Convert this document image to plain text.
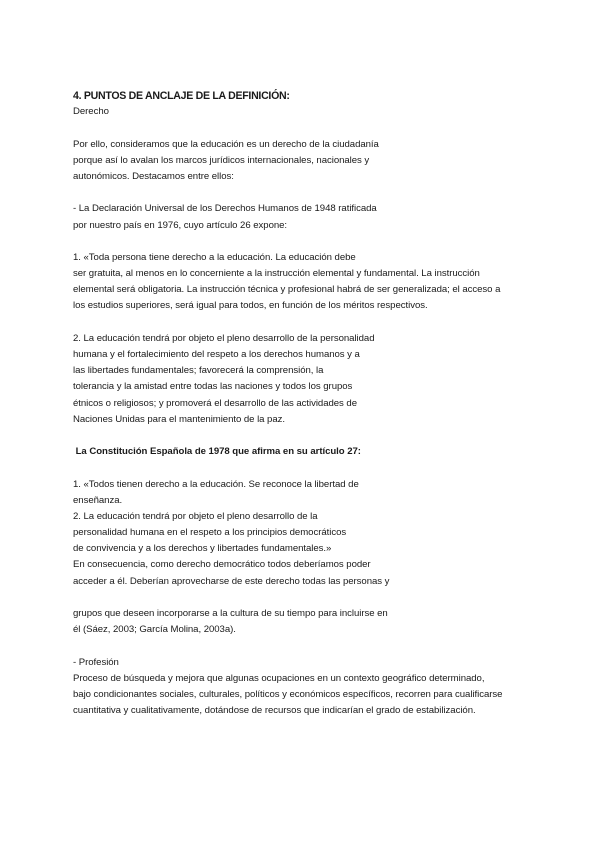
4. PUNTOS DE ANCLAJE DE LA DEFINICIÓN:
Derecho
Por ello, consideramos que la educación es un derecho de la ciudadanía
porque así lo avalan los marcos jurídicos internacionales, nacionales y
autonómicos. Destacamos entre ellos:
- La Declaración Universal de los Derechos Humanos de 1948 ratificada
por nuestro país en 1976, cuyo artículo 26 expone:
1. «Toda persona tiene derecho a la educación. La educación debe
ser gratuita, al menos en lo concerniente a la instrucción elemental y fundamental. La instrucción
elemental será obligatoria. La instrucción técnica y profesional habrá de ser generalizada; el acceso a
los estudios superiores, será igual para todos, en función de los méritos respectivos.
2. La educación tendrá por objeto el pleno desarrollo de la personalidad
humana y el fortalecimiento del respeto a los derechos humanos y a
las libertades fundamentales; favorecerá la comprensión, la
tolerancia y la amistad entre todas las naciones y todos los grupos
étnicos o religiosos; y promoverá el desarrollo de las actividades de
Naciones Unidas para el mantenimiento de la paz.
La Constitución Española de 1978 que afirma en su artículo 27:
1. «Todos tienen derecho a la educación. Se reconoce la libertad de
enseñanza.
2. La educación tendrá por objeto el pleno desarrollo de la
personalidad humana en el respeto a los principios democráticos
de convivencia y a los derechos y libertades fundamentales.»
En consecuencia, como derecho democrático todos deberíamos poder
acceder a él. Deberían aprovecharse de este derecho todas las personas y
grupos que deseen incorporarse a la cultura de su tiempo para incluirse en
él (Sáez, 2003; García Molina, 2003a).
- Profesión
Proceso de búsqueda y mejora que algunas ocupaciones en un contexto geográfico determinado,
bajo condicionantes sociales, culturales, políticos y económicos específicos, recorren para cualificarse
cuantitativa y cualitativamente, dotándose de recursos que indicarían el grado de estabilización.
